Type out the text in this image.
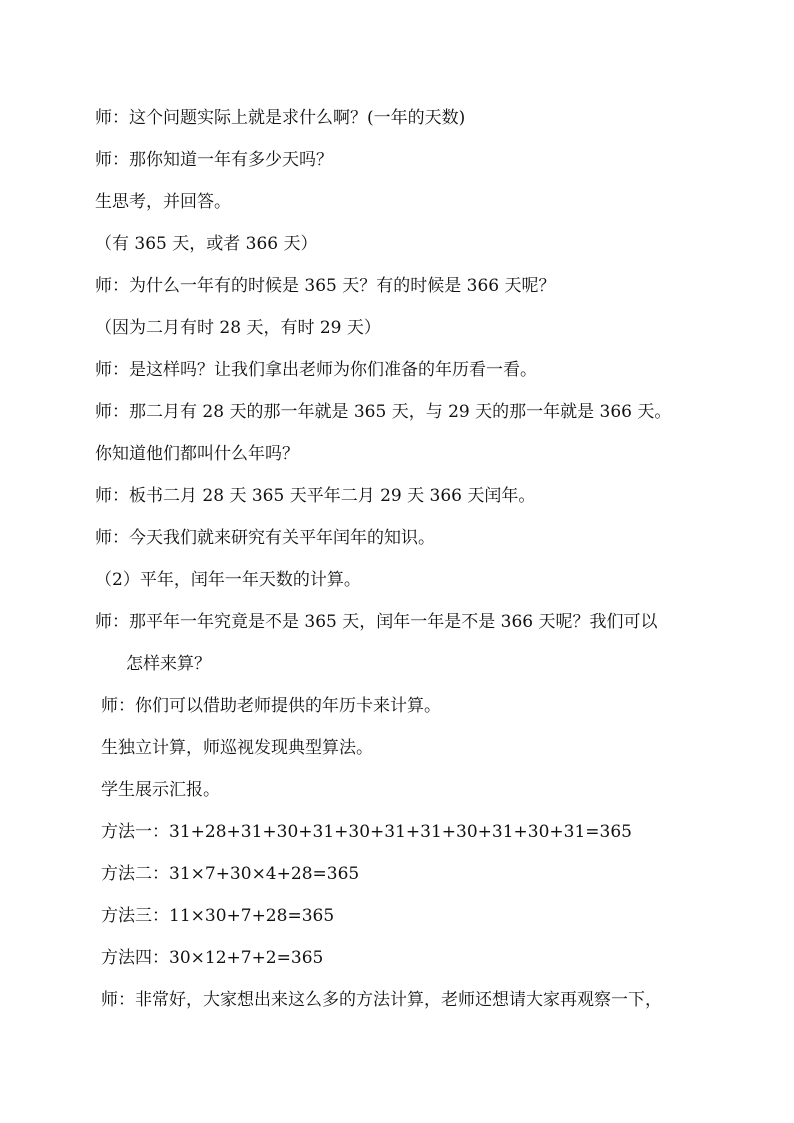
师：这个问题实际上就是求什么啊？(一年的天数)
师：那你知道一年有多少天吗？
生思考，并回答。
（有 365 天，或者 366 天）
师：为什么一年有的时候是 365 天？有的时候是 366 天呢？
（因为二月有时 28 天，有时 29 天）
师：是这样吗？让我们拿出老师为你们准备的年历看一看。
师：那二月有 28 天的那一年就是 365 天，与 29 天的那一年就是 366 天。
你知道他们都叫什么年吗？
师：板书二月 28 天 365 天平年二月 29 天 366 天闰年。
师：今天我们就来研究有关平年闰年的知识。
（2）平年，闰年一年天数的计算。
师：那平年一年究竟是不是 365 天，闰年一年是不是 366 天呢？我们可以
怎样来算？
师：你们可以借助老师提供的年历卡来计算。
生独立计算，师巡视发现典型算法。
学生展示汇报。
方法一：31+28+31+30+31+30+31+31+30+31+30+31=365
方法二：31×7+30×4+28=365
方法三：11×30+7+28=365
方法四：30×12+7+2=365
师：非常好，大家想出来这么多的方法计算，老师还想请大家再观察一下，
